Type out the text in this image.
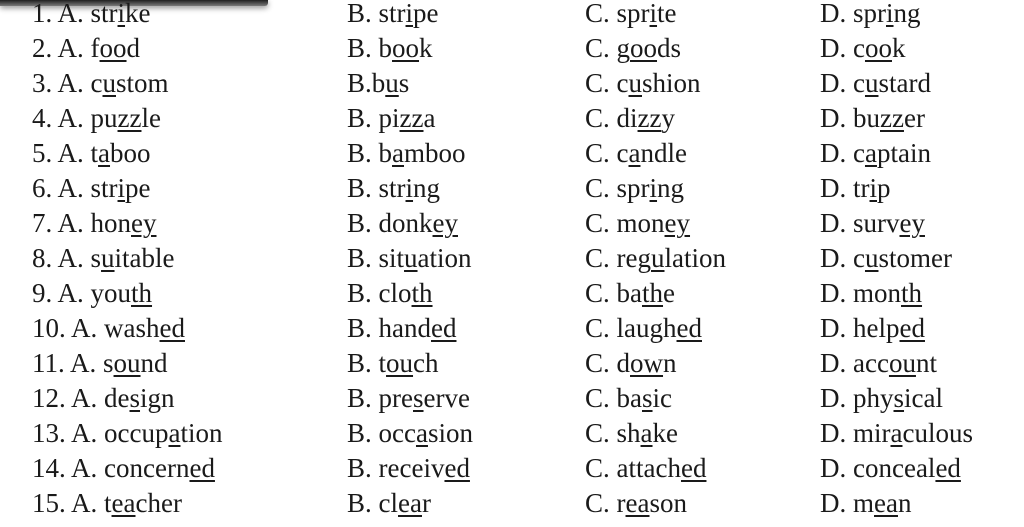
1. A. strike	B. stripe	C. sprite	D. spring
2. A. food	B. book	C. goods	D. cook
3. A. custom	B.bus	C. cushion	D. custard
4. A. puzzle	B. pizza	C. dizzy	D. buzzer
5. A. taboo	B. bamboo	C. candle	D. captain
6. A. stripe	B. string	C. spring	D. trip
7. A. honey	B. donkey	C. money	D. survey
8. A. suitable	B. situation	C. regulation	D. customer
9. A. youth	B. cloth	C. bathe	D. month
10. A. washed	B. handed	C. laughed	D. helped
11. A. sound	B. touch	C. down	D. account
12. A. design	B. preserve	C. basic	D. physical
13. A. occupation	B. occasion	C. shake	D. miraculous
14. A. concerned	B. received	C. attached	D. concealed
15. A. teacher	B. clear	C. reason	D. mean
